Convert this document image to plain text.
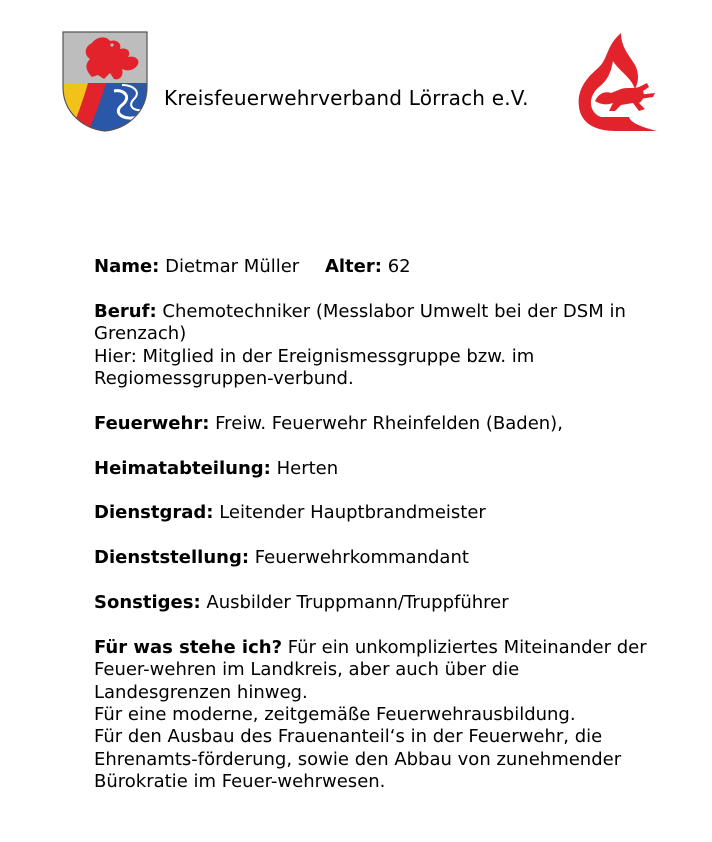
Kreisfeuerwehrverband Lörrach e.V.
Name: Dietmar Müller Alter: 62
Beruf: Chemotechniker (Messlabor Umwelt bei der DSM in Grenzach)
Hier: Mitglied in der Ereignismessgruppe bzw. im Regiomessgruppen-verbund.
Feuerwehr: Freiw. Feuerwehr Rheinfelden (Baden),
Heimatabteilung: Herten
Dienstgrad: Leitender Hauptbrandmeister
Dienststellung: Feuerwehrkommandant
Sonstiges: Ausbilder Truppmann/Truppführer
Für was stehe ich? Für ein unkompliziertes Miteinander der Feuer-wehren im Landkreis, aber auch über die Landesgrenzen hinweg.
Für eine moderne, zeitgemäße Feuerwehrausbildung.
Für den Ausbau des Frauenanteil‘s in der Feuerwehr, die Ehrenamts-förderung, sowie den Abbau von zunehmender Bürokratie im Feuer-wehrwesen.
